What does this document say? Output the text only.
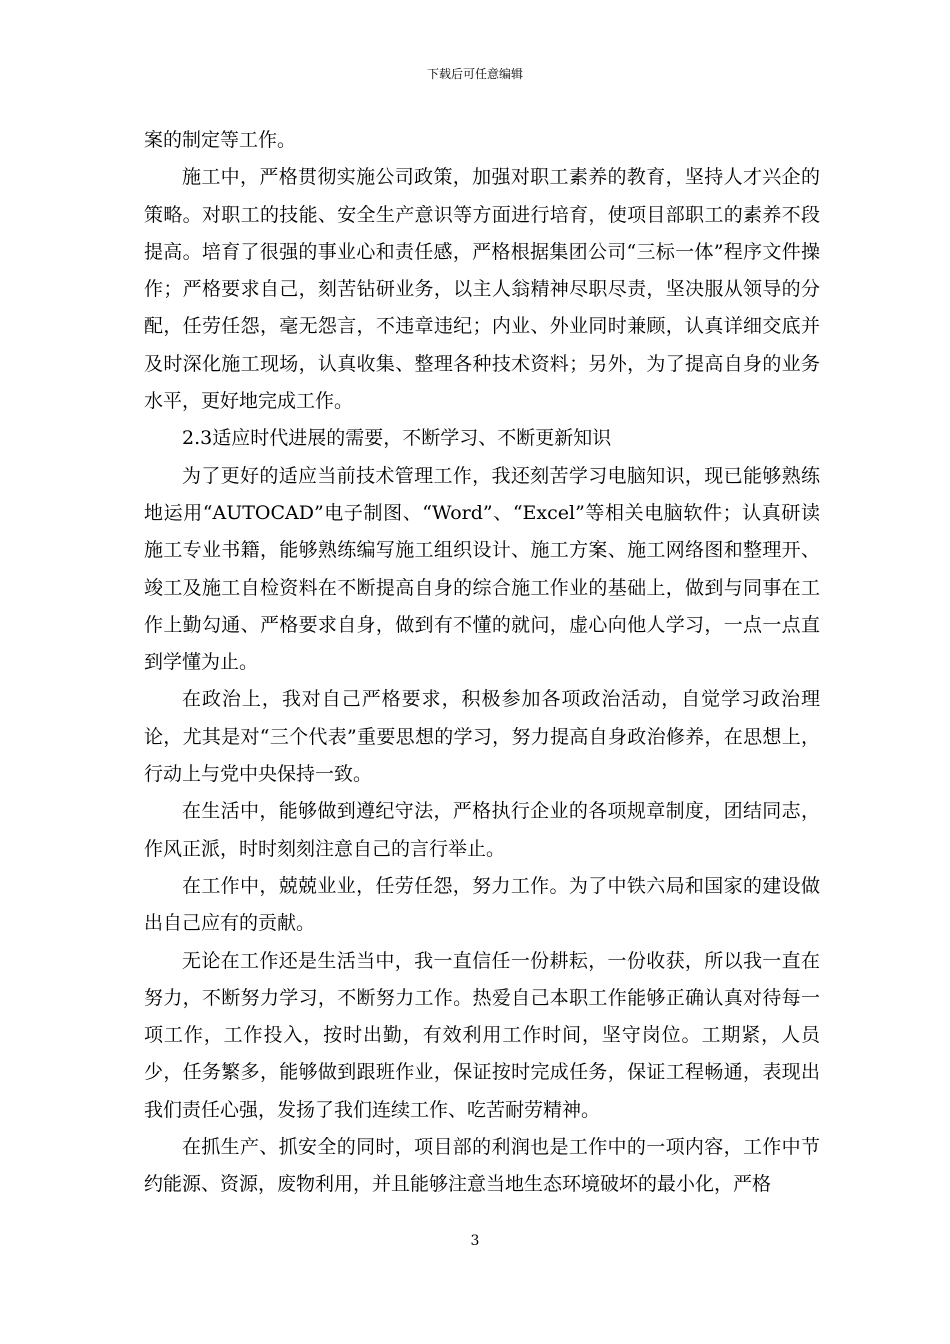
下载后可任意编辑

案的制定等工作。

施工中，严格贯彻实施公司政策，加强对职工素养的教育，坚持人才兴企的策略。对职工的技能、安全生产意识等方面进行培育，使项目部职工的素养不段提高。培育了很强的事业心和责任感，严格根据集团公司“三标一体”程序文件操作；严格要求自己，刻苦钻研业务，以主人翁精神尽职尽责，坚决服从领导的分配，任劳任怨，毫无怨言，不违章违纪；内业、外业同时兼顾，认真详细交底并及时深化施工现场，认真收集、整理各种技术资料；另外，为了提高自身的业务水平，更好地完成工作。

2.3适应时代进展的需要，不断学习、不断更新知识

为了更好的适应当前技术管理工作，我还刻苦学习电脑知识，现已能够熟练地运用“AUTOCAD”电子制图、“Word”、“Excel”等相关电脑软件；认真研读施工专业书籍，能够熟练编写施工组织设计、施工方案、施工网络图和整理开、竣工及施工自检资料在不断提高自身的综合施工作业的基础上，做到与同事在工作上勤勾通、严格要求自身，做到有不懂的就问，虚心向他人学习，一点一点直到学懂为止。

在政治上，我对自己严格要求，积极参加各项政治活动，自觉学习政治理论，尤其是对“三个代表”重要思想的学习，努力提高自身政治修养，在思想上，行动上与党中央保持一致。

在生活中，能够做到遵纪守法，严格执行企业的各项规章制度，团结同志，作风正派，时时刻刻注意自己的言行举止。

在工作中，兢兢业业，任劳任怨，努力工作。为了中铁六局和国家的建设做出自己应有的贡献。

无论在工作还是生活当中，我一直信任一份耕耘，一份收获，所以我一直在努力，不断努力学习，不断努力工作。热爱自己本职工作能够正确认真对待每一项工作，工作投入，按时出勤，有效利用工作时间，坚守岗位。工期紧，人员少，任务繁多，能够做到跟班作业，保证按时完成任务，保证工程畅通，表现出我们责任心强，发扬了我们连续工作、吃苦耐劳精神。

在抓生产、抓安全的同时，项目部的利润也是工作中的一项内容，工作中节约能源、资源，废物利用，并且能够注意当地生态环境破坏的最小化，严格

3
